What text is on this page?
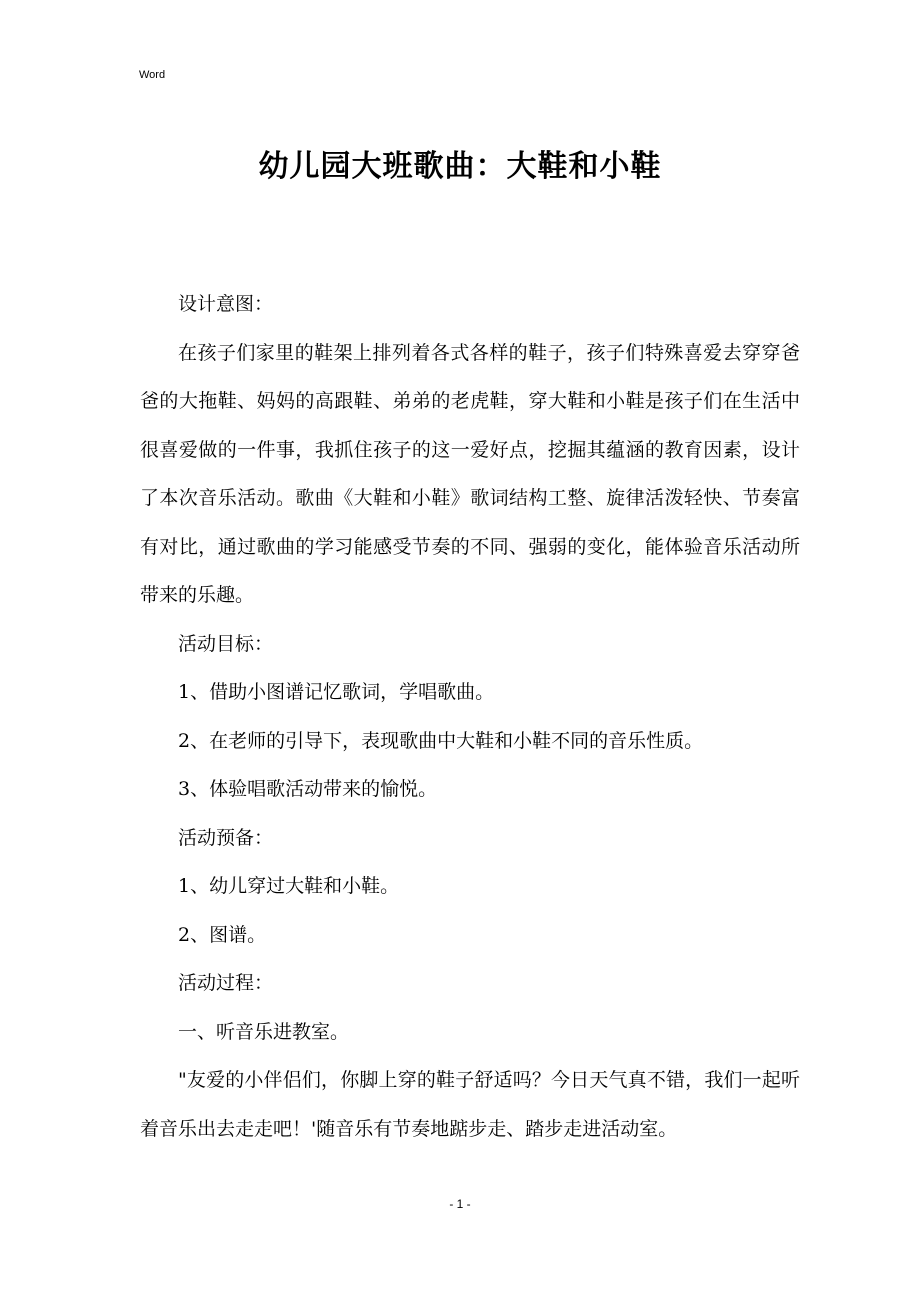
Word
幼儿园大班歌曲：大鞋和小鞋

设计意图：

在孩子们家里的鞋架上排列着各式各样的鞋子，孩子们特殊喜爱去穿穿爸爸的大拖鞋、妈妈的高跟鞋、弟弟的老虎鞋，穿大鞋和小鞋是孩子们在生活中很喜爱做的一件事，我抓住孩子的这一爱好点，挖掘其蕴涵的教育因素，设计了本次音乐活动。歌曲《大鞋和小鞋》歌词结构工整、旋律活泼轻快、节奏富有对比，通过歌曲的学习能感受节奏的不同、强弱的变化，能体验音乐活动所带来的乐趣。

活动目标：

1、借助小图谱记忆歌词，学唱歌曲。

2、在老师的引导下，表现歌曲中大鞋和小鞋不同的音乐性质。

3、体验唱歌活动带来的愉悦。

活动预备：

1、幼儿穿过大鞋和小鞋。

2、图谱。

活动过程：

一、听音乐进教室。

"友爱的小伴侣们，你脚上穿的鞋子舒适吗？今日天气真不错，我们一起听着音乐出去走走吧！'随音乐有节奏地踮步走、踏步走进活动室。

- 1 -
